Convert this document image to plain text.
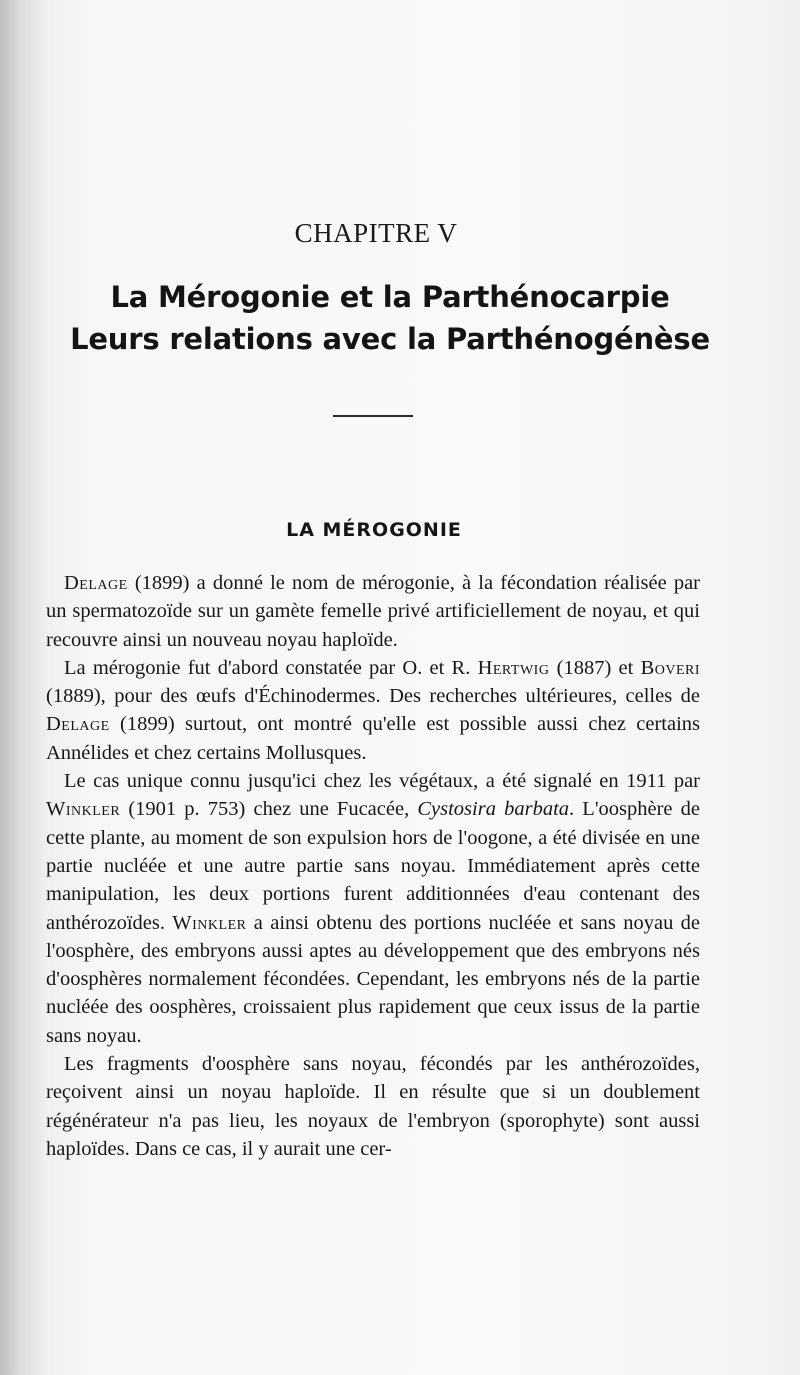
CHAPITRE V
La Mérogonie et la Parthénocarpie
Leurs relations avec la Parthénogénèse
LA MÉROGONIE

Delage (1899) a donné le nom de mérogonie, à la fécondation réalisée par un spermatozoïde sur un gamète femelle privé artificiellement de noyau, et qui recouvre ainsi un nouveau noyau haploïde.

La mérogonie fut d'abord constatée par O. et R. Hertwig (1887) et Boveri (1889), pour des œufs d'Échinodermes. Des recherches ultérieures, celles de Delage (1899) surtout, ont montré qu'elle est possible aussi chez certains Annélides et chez certains Mollusques.

Le cas unique connu jusqu'ici chez les végétaux, a été signalé en 1911 par Winkler (1901 p. 753) chez une Fucacée, Cystosira barbata. L'oosphère de cette plante, au moment de son expulsion hors de l'oogone, a été divisée en une partie nucléée et une autre partie sans noyau. Immédiatement après cette manipulation, les deux portions furent additionnées d'eau contenant des anthérozoïdes. Winkler a ainsi obtenu des portions nucléée et sans noyau de l'oosphère, des embryons aussi aptes au développement que des embryons nés d'oosphères normalement fécondées. Cependant, les embryons nés de la partie nucléée des oosphères, croissaient plus rapidement que ceux issus de la partie sans noyau.

Les fragments d'oosphère sans noyau, fécondés par les anthérozoïdes, reçoivent ainsi un noyau haploïde. Il en résulte que si un doublement régénérateur n'a pas lieu, les noyaux de l'embryon (sporophyte) sont aussi haploïdes. Dans ce cas, il y aurait une cer-
